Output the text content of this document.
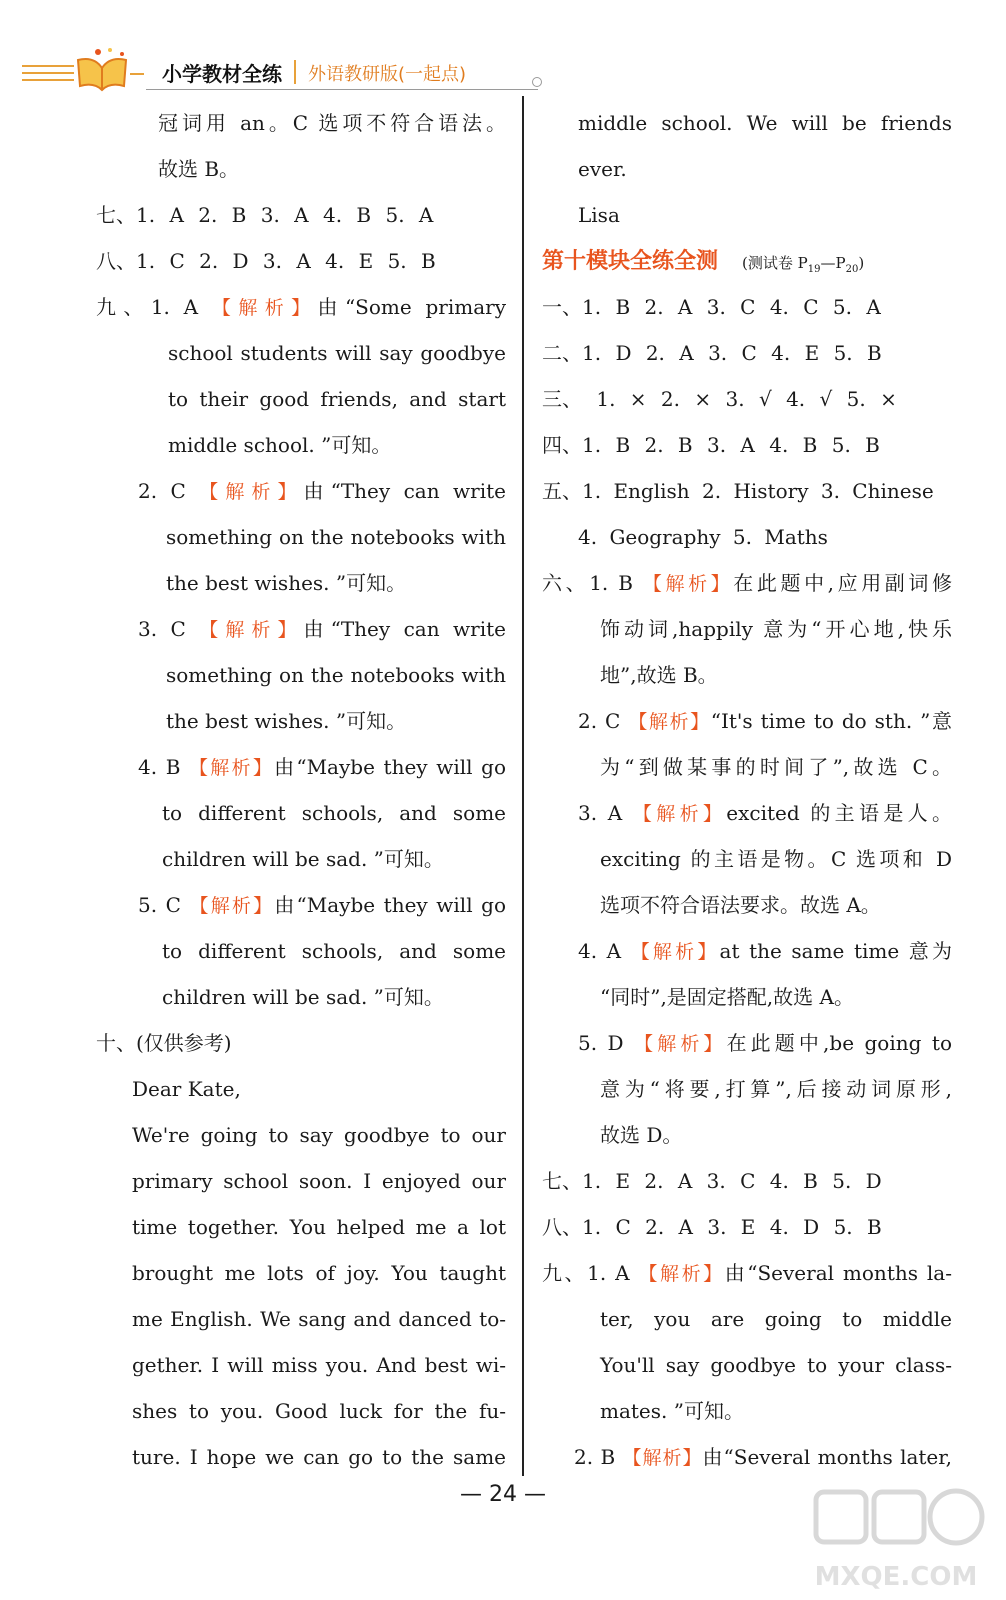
小学教材全练 外语教研版(一起点)
冠词用 an。C 选项不符合语法。
故选 B。
七、1. A 2. B 3. A 4. B 5. A
八、1. C 2. D 3. A 4. E 5. B
九、1. A 【解析】由“Some primary
school students will say goodbye
to their good friends, and start
middle school. ”可知。
2. C 【解析】由“They can write
something on the notebooks with
the best wishes. ”可知。
3. C 【解析】由“They can write
something on the notebooks with
the best wishes. ”可知。
4. B 【解析】由“Maybe they will go
to different schools, and some
children will be sad. ”可知。
5. C 【解析】由“Maybe they will go
to different schools, and some
children will be sad. ”可知。
十、(仅供参考)
Dear Kate,
We're going to say goodbye to our
primary school soon. I enjoyed our
time together. You helped me a lot
brought me lots of joy. You taught
me English. We sang and danced to-
gether. I will miss you. And best wi-
shes to you. Good luck for the fu-
ture. I hope we can go to the same
middle school. We will be friends
ever.
Lisa
第十模块全练全测 (测试卷 $P_{19}—P_{20}$)
一、1. B 2. A 3. C 4. C 5. A
二、1. D 2. A 3. C 4. E 5. B
三、 1. × 2. × 3. √ 4. √ 5. ×
四、1. B 2. B 3. A 4. B 5. B
五、1. English 2. History 3. Chinese
4. Geography 5. Maths
六、1. B 【解析】在此题中,应用副词修
饰动词,happily 意为“开心地,快乐
地”,故选 B。
2. C 【解析】“It's time to do sth. ”意
为“到做某事的时间了”,故选 C。
3. A 【解析】excited 的主语是人。
exciting 的主语是物。C 选项和 D
选项不符合语法要求。故选 A。
4. A 【解析】at the same time 意为
“同时”,是固定搭配,故选 A。
5. D 【解析】在此题中,be going to
意为“将要,打算”,后接动词原形,
故选 D。
七、1. E 2. A 3. C 4. B 5. D
八、1. C 2. A 3. E 4. D 5. B
九、1. A 【解析】由“Several months la-
ter, you are going to middle
You'll say goodbye to your class-
mates. ”可知。
2. B 【解析】由“Several months later,
— 24 —
MXQE.COM
